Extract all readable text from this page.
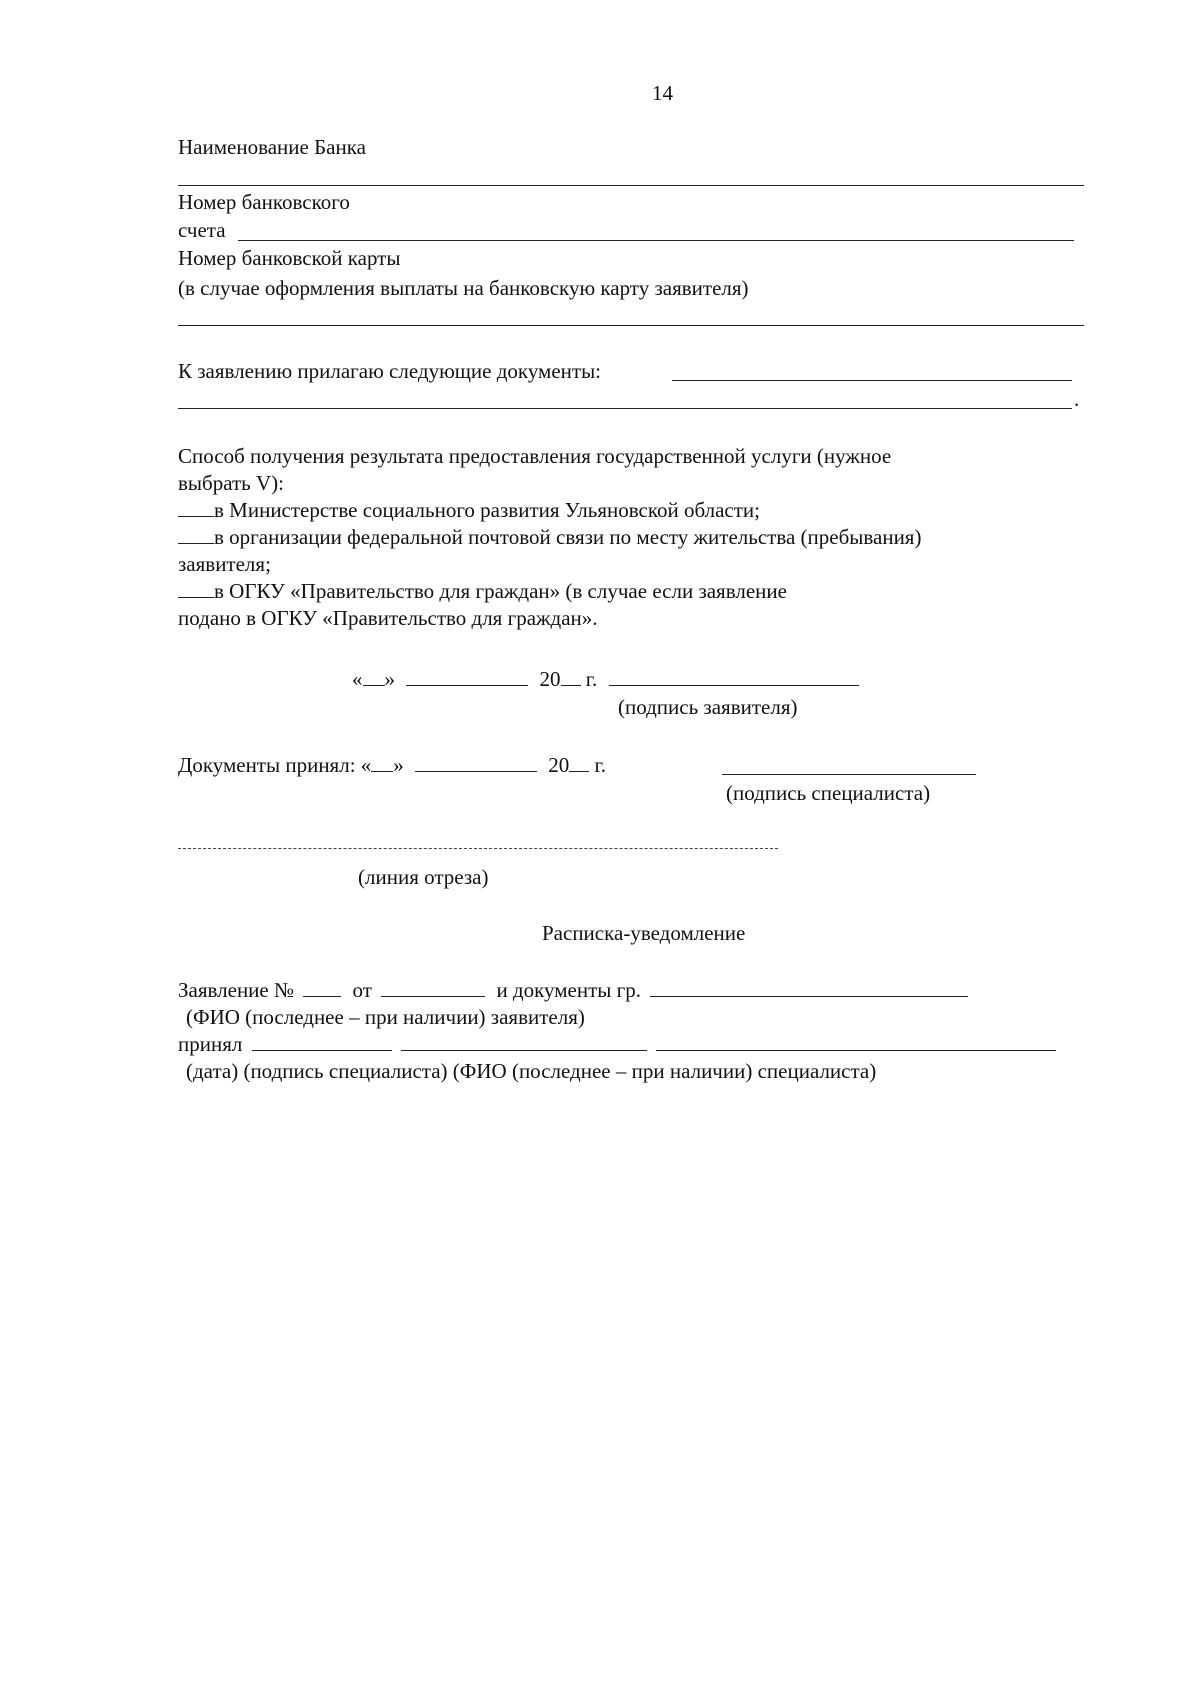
14
Наименование Банка
Номер банковского
счета
Номер банковской карты
(в случае оформления выплаты на банковскую карту заявителя)
К заявлению прилагаю следующие документы:
.
Способ получения результата предоставления государственной услуги (нужное
выбрать V):
в Министерстве социального развития Ульяновской области;
в организации федеральной почтовой связи по месту жительства (пребывания)
заявителя;
в ОГКУ «Правительство для граждан» (в случае если заявление
подано в ОГКУ «Правительство для граждан».
« »	20 г.
(подпись заявителя)
Документы принял: « »	20 г.
(подпись специалиста)
(линия отреза)
Расписка-уведомление
Заявление №	от	и документы гр.
(ФИО (последнее – при наличии) заявителя)
принял
(дата) (подпись специалиста) (ФИО (последнее – при наличии) специалиста)
